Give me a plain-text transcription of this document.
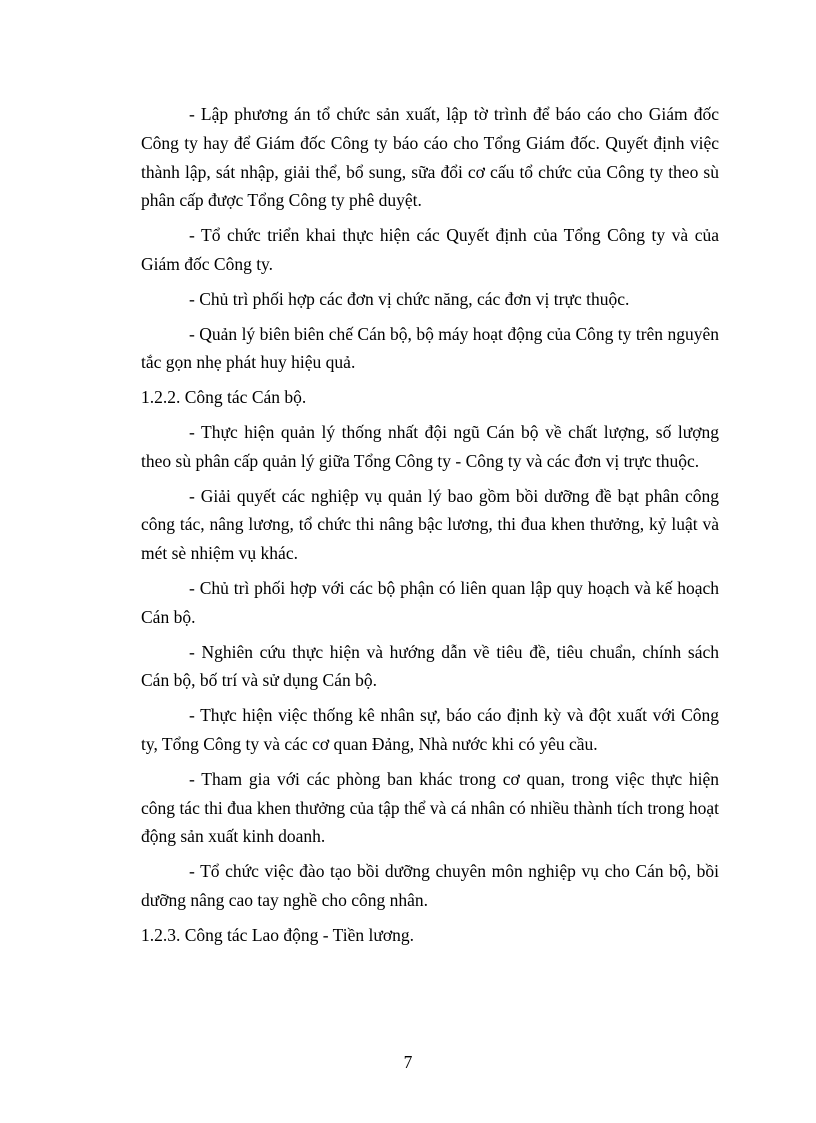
- Lập phương án tổ chức sản xuất, lập tờ trình để báo cáo cho Giám đốc Công ty hay để Giám đốc Công ty báo cáo cho Tổng Giám đốc. Quyết định việc thành lập, sát nhập, giải thể, bổ sung, sữa đổi cơ cấu tổ chức của Công ty theo sù phân cấp được Tổng Công ty phê duyệt.

- Tổ chức triển khai thực hiện các Quyết định của Tổng Công ty và của Giám đốc Công ty.

- Chủ trì phối hợp các đơn vị chức năng, các đơn vị trực thuộc.

- Quản lý biên biên chế Cán bộ, bộ máy hoạt động của Công ty trên nguyên tắc gọn nhẹ phát huy hiệu quả.

1.2.2. Công tác Cán bộ.

- Thực hiện quản lý thống nhất đội ngũ Cán bộ về chất lượng, số lượng theo sù phân cấp quản lý giữa Tổng Công ty - Công ty và các đơn vị trực thuộc.

- Giải quyết các nghiệp vụ quản lý bao gồm bồi dưỡng đề bạt phân công công tác, nâng lương, tổ chức thi nâng bậc lương, thi đua khen thưởng, kỷ luật và mét sè nhiệm vụ khác.

- Chủ trì phối hợp với các bộ phận có liên quan lập quy hoạch và kế hoạch Cán bộ.

- Nghiên cứu thực hiện và hướng dẫn về tiêu đề, tiêu chuẩn, chính sách Cán bộ, bố trí và sử dụng Cán bộ.

- Thực hiện việc thống kê nhân sự, báo cáo định kỳ và đột xuất với Công ty, Tổng Công ty và các cơ quan Đảng, Nhà nước khi có yêu cầu.

- Tham gia với các phòng ban khác trong cơ quan, trong việc thực hiện công tác thi đua khen thưởng của tập thể và cá nhân có nhiều thành tích trong hoạt động sản xuất kinh doanh.

- Tổ chức việc đào tạo bồi dưỡng chuyên môn nghiệp vụ cho Cán bộ, bồi dưỡng nâng cao tay nghề cho công nhân.

1.2.3. Công tác Lao động - Tiền lương.

7
